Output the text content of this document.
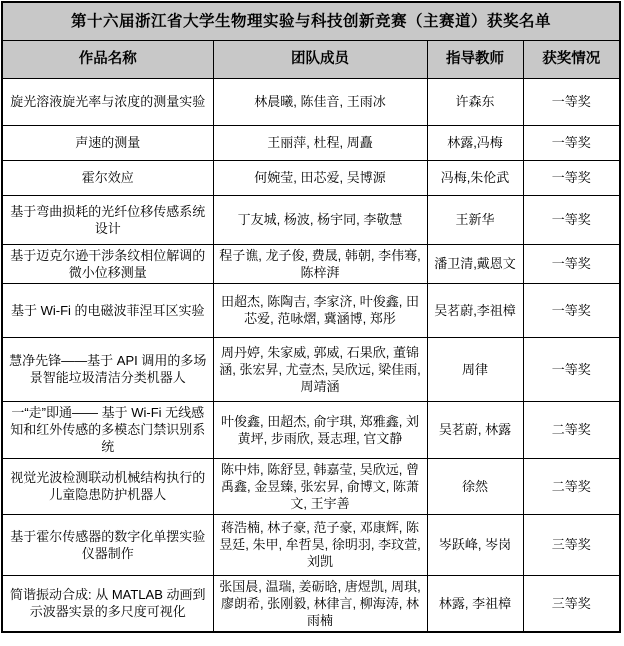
第十六届浙江省大学生物理实验与科技创新竞赛（主赛道）获奖名单			
作品名称	团队成员	指导教师	获奖情况
旋光溶液旋光率与浓度的测量实验	林晨曦, 陈佳音, 王雨冰	许森东	一等奖
声速的测量	王丽萍, 杜程, 周矗	林露,冯梅	一等奖
霍尔效应	何婉莹, 田芯爱, 吴博源	冯梅,朱伦武	一等奖
基于弯曲损耗的光纤位移传感系统设计	丁友城, 杨波, 杨宇同, 李敬慧	王新华	一等奖
基于迈克尔逊干涉条纹相位解调的微小位移测量	程子谯, 龙子俊, 费晟, 韩朝, 李伟骞, 陈梓湃	潘卫清,戴恩文	一等奖
基于 Wi-Fi 的电磁波菲涅耳区实验	田超杰, 陈陶吉, 李家济, 叶俊鑫, 田芯爱, 范咏熠, 冀涵博, 郑彤	吴茗蔚,李祖樟	一等奖
慧净先锋——基于 API 调用的多场景智能垃圾清洁分类机器人	周丹婷, 朱家威, 郭威, 石果欣, 董锦涵, 张宏昇, 尤壹杰, 吴欣远, 梁佳雨, 周靖涵	周律	一等奖
一“走”即通—— 基于 Wi-Fi 无线感知和红外传感的多模态门禁识别系统	叶俊鑫, 田超杰, 俞宇琪, 郑雅鑫, 刘黄坪, 步雨欣, 聂志理, 官文静	吴茗蔚, 林露	二等奖
视觉光波检测联动机械结构执行的儿童隐患防护机器人	陈中炜, 陈舒昱, 韩嘉莹, 吴欣远, 曾禹鑫, 金昱臻, 张宏昇, 俞博文, 陈萧文, 王宇善	徐然	二等奖
基于霍尔传感器的数字化单摆实验仪器制作	蒋浩楠, 林子豪, 范子豪, 邓康辉, 陈昱廷, 朱甲, 牟哲昊, 徐明羽, 李玟萱, 刘凯	岑跃峰, 岑岗	三等奖
简谐振动合成: 从 MATLAB 动画到示波器实景的多尺度可视化	张国晨, 温瑞, 姜砺晗, 唐煜凯, 周琪, 廖朗希, 张刚毅, 林律言, 柳海涛, 林雨楠	林露, 李祖樟	三等奖
